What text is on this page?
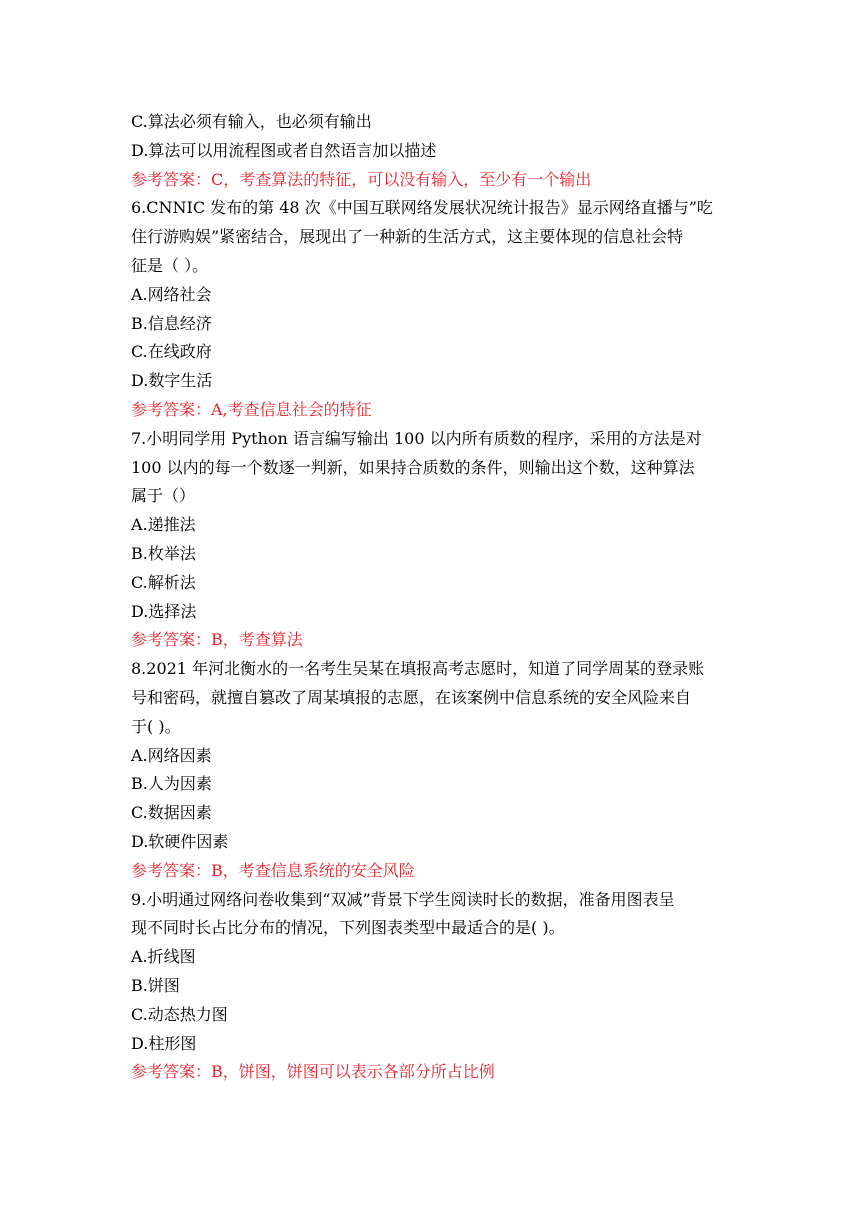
C.算法必须有输入，也必须有输出
D.算法可以用流程图或者自然语言加以描述
参考答案：C，考查算法的特征，可以没有输入，至少有一个输出
6.CNNIC 发布的第 48 次《中国互联网络发展状况统计报告》显示网络直播与”吃
住行游购娱”紧密结合，展现出了一种新的生活方式，这主要体现的信息社会特
征是（ ）。
A.网络社会
B.信息经济
C.在线政府
D.数字生活
参考答案：A,考查信息社会的特征
7.小明同学用 Python 语言编写输出 100 以内所有质数的程序，采用的方法是对
100 以内的每一个数逐一判新，如果持合质数的条件，则输出这个数，这种算法
属于（）
A.递推法
B.枚举法
C.解析法
D.选择法
参考答案：B，考查算法
8.2021 年河北衡水的一名考生吴某在填报高考志愿时，知道了同学周某的登录账
号和密码，就擅自篡改了周某填报的志愿，在该案例中信息系统的安全风险来自
于( )。
A.网络因素
B.人为因素
C.数据因素
D.软硬件因素
参考答案：B，考查信息系统的安全风险
9.小明通过网络问卷收集到“双减”背景下学生阅读时长的数据，准备用图表呈
现不同时长占比分布的情况，下列图表类型中最适合的是( )。
A.折线图
B.饼图
C.动态热力图
D.柱形图
参考答案：B，饼图，饼图可以表示各部分所占比例
